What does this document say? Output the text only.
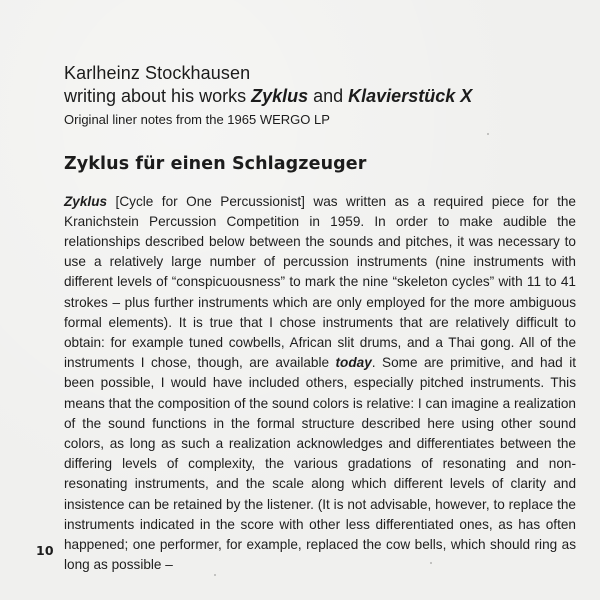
Karlheinz Stockhausen
writing about his works Zyklus and Klavierstück X
Original liner notes from the 1965 WERGO LP
Zyklus für einen Schlagzeuger

Zyklus [Cycle for One Percussionist] was written as a required piece for the Kranichstein Percussion Competition in 1959. In order to make audible the relationships described below between the sounds and pitches, it was necessary to use a relatively large number of percussion instruments (nine instruments with different levels of “conspicuousness” to mark the nine “skeleton cycles” with 11 to 41 strokes – plus further instruments which are only employed for the more ambiguous formal elements). It is true that I chose instruments that are relatively difficult to obtain: for example tuned cowbells, African slit drums, and a Thai gong. All of the instruments I chose, though, are available today. Some are primitive, and had it been possible, I would have included others, especially pitched instruments. This means that the composition of the sound colors is relative: I can imagine a realization of the sound functions in the formal structure described here using other sound colors, as long as such a realization acknowledges and differentiates between the differing levels of complexity, the various gradations of resonating and non-resonating instruments, and the scale along which different levels of clarity and insistence can be retained by the listener. (It is not advisable, however, to replace the instruments indicated in the score with other less differentiated ones, as has often happened; one performer, for example, replaced the cow bells, which should ring as long as possible –

10
